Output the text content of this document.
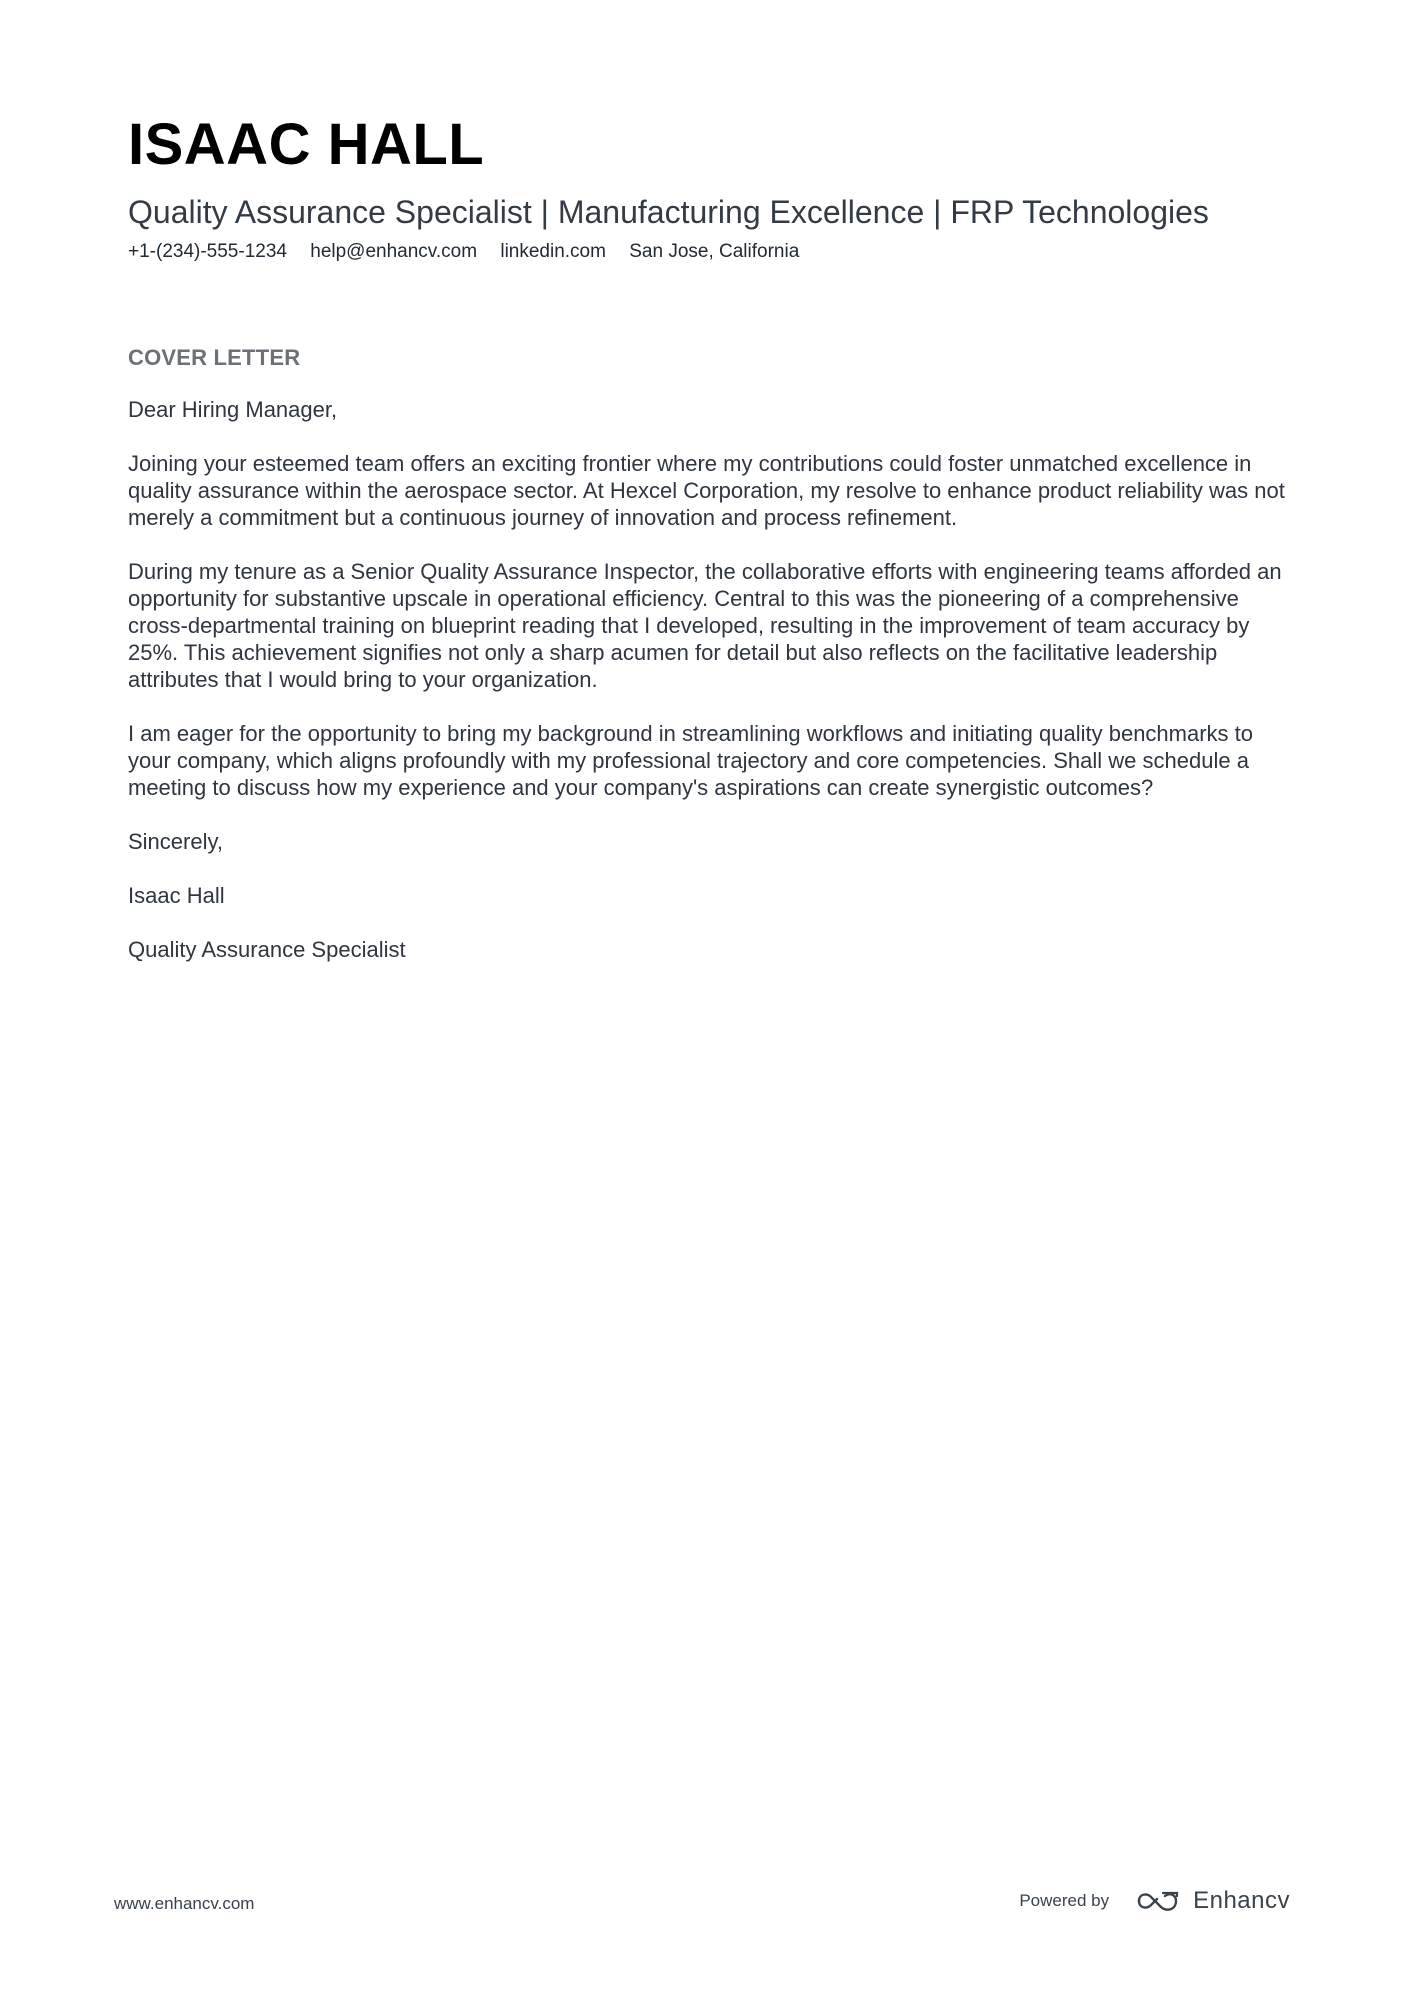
ISAAC HALL
Quality Assurance Specialist | Manufacturing Excellence | FRP Technologies
+1-(234)-555-1234 help@enhancv.com linkedin.com San Jose, California
COVER LETTER

Dear Hiring Manager,

Joining your esteemed team offers an exciting frontier where my contributions could foster unmatched excellence in quality assurance within the aerospace sector. At Hexcel Corporation, my resolve to enhance product reliability was not merely a commitment but a continuous journey of innovation and process refinement.

During my tenure as a Senior Quality Assurance Inspector, the collaborative efforts with engineering teams afforded an opportunity for substantive upscale in operational efficiency. Central to this was the pioneering of a comprehensive cross-departmental training on blueprint reading that I developed, resulting in the improvement of team accuracy by 25%. This achievement signifies not only a sharp acumen for detail but also reflects on the facilitative leadership attributes that I would bring to your organization.

I am eager for the opportunity to bring my background in streamlining workflows and initiating quality benchmarks to your company, which aligns profoundly with my professional trajectory and core competencies. Shall we schedule a meeting to discuss how my experience and your company's aspirations can create synergistic outcomes?

Sincerely,

Isaac Hall

Quality Assurance Specialist

www.enhancv.com	Powered by	Enhancv
